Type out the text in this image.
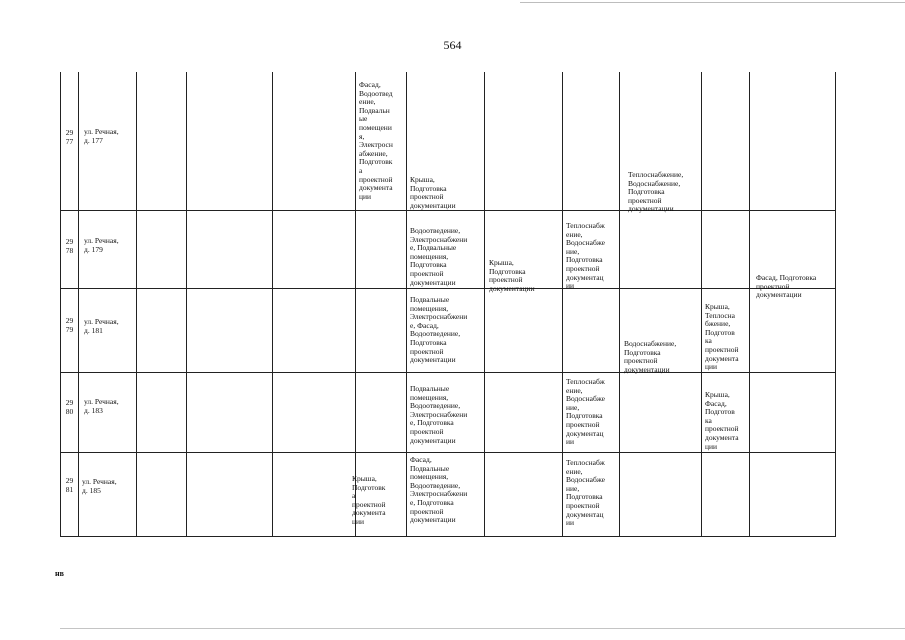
564
29
77
ул. Речная,
д. 177
Фасад,
Водоотвед
ение,
Подвальн
ые
помещени
я,
Электросн
абжение,
Подготовк
а
проектной
документа
ции
Крыша,
Подготовка
проектной
документации
Теплоснабжение,
Водоснабжение,
Подготовка
проектной
документации
29
78
ул. Речная,
д. 179
Водоотведение,
Электроснабжени
е, Подвальные
помещения,
Подготовка
проектной
документации
Крыша,
Подготовка
проектной
документации
Теплоснабж
ение,
Водоснабже
ние,
Подготовка
проектной
документац
ии
Фасад, Подготовка
проектной
документации
29
79
ул. Речная,
д. 181
Подвальные
помещения,
Электроснабжени
е, Фасад,
Водоотведение,
Подготовка
проектной
документации
Водоснабжение,
Подготовка
проектной
документации
Крыша,
Теплосна
бжение,
Подготов
ка
проектной
документа
ции
29
80
ул. Речная,
д. 183
Подвальные
помещения,
Водоотведение,
Электроснабжени
е, Подготовка
проектной
документации
Теплоснабж
ение,
Водоснабже
ние,
Подготовка
проектной
документац
ии
Крыша,
Фасад,
Подготов
ка
проектной
документа
ции
29
81
ул. Речная,
д. 185
Крыша,
Подготовк
а
проектной
документа
ции
Фасад,
Подвальные
помещения,
Водоотведение,
Электроснабжени
е, Подготовка
проектной
документации
Теплоснабж
ение,
Водоснабже
ние,
Подготовка
проектной
документац
ии
нв
